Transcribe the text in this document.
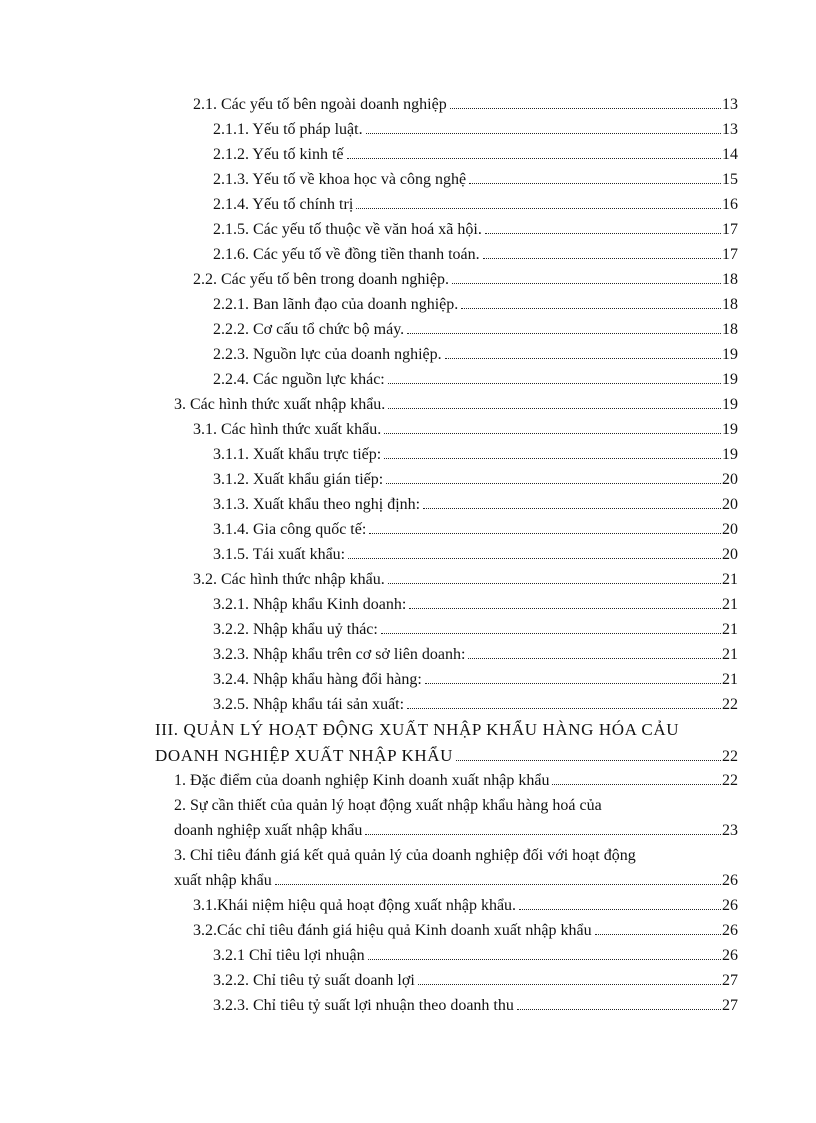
2.1. Các yếu tố bên ngoài doanh nghiệp	13
2.1.1. Yếu tố pháp luật.	13
2.1.2. Yếu tố kinh tế	14
2.1.3. Yếu tố về khoa học và công nghệ	15
2.1.4. Yếu tố chính trị	16
2.1.5. Các yếu tố thuộc về văn hoá xã hội.	17
2.1.6. Các yếu tố về đồng tiền thanh toán.	17
2.2. Các yếu tố bên trong doanh nghiệp.	18
2.2.1. Ban lãnh đạo của doanh nghiệp.	18
2.2.2. Cơ cấu tổ chức bộ máy.	18
2.2.3. Nguồn lực của doanh nghiệp.	19
2.2.4. Các nguồn lực khác:	19
3. Các hình thức xuất nhập khẩu.	19
3.1. Các hình thức xuất khẩu.	19
3.1.1. Xuất khẩu trực tiếp:	19
3.1.2. Xuất khẩu gián tiếp:	20
3.1.3. Xuất khẩu theo nghị định:	20
3.1.4. Gia công quốc tế:	20
3.1.5. Tái xuất khẩu:	20
3.2. Các hình thức nhập khẩu.	21
3.2.1. Nhập khẩu Kinh doanh:	21
3.2.2. Nhập khẩu uỷ thác:	21
3.2.3. Nhập khẩu trên cơ sở liên doanh:	21
3.2.4. Nhập khẩu hàng đổi hàng:	21
3.2.5. Nhập khẩu tái sản xuất:	22
III. QUẢN LÝ HOẠT ĐỘNG XUẤT NHẬP KHẨU HÀNG HÓA CẢU
DOANH NGHIỆP XUẤT NHẬP KHẨU	22
1. Đặc điểm của doanh nghiệp Kinh doanh xuất nhập khẩu	22
2. Sự cần thiết của quản lý hoạt động xuất nhập khẩu hàng hoá của
doanh nghiệp xuất nhập khẩu	23
3. Chỉ tiêu đánh giá kết quả quản lý của doanh nghiệp đối với hoạt động
xuất nhập khẩu	26
3.1.Khái niệm hiệu quả hoạt động xuất nhập khẩu.	26
3.2.Các chỉ tiêu đánh giá hiệu quả Kinh doanh xuất nhập khẩu	26
3.2.1 Chỉ tiêu lợi nhuận	26
3.2.2. Chỉ tiêu tỷ suất doanh lợi	27
3.2.3. Chỉ tiêu tỷ suất lợi nhuận theo doanh thu	27
